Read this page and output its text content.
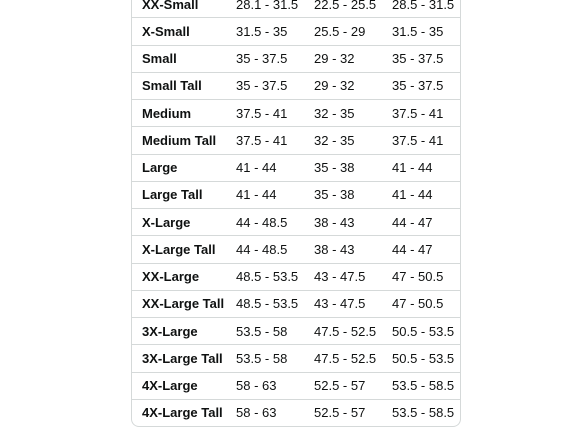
XX-Small	28.1 - 31.5	22.5 - 25.5	28.5 - 31.5
X-Small	31.5 - 35	25.5 - 29	31.5 - 35
Small	35 - 37.5	29 - 32	35 - 37.5
Small Tall	35 - 37.5	29 - 32	35 - 37.5
Medium	37.5 - 41	32 - 35	37.5 - 41
Medium Tall	37.5 - 41	32 - 35	37.5 - 41
Large	41 - 44	35 - 38	41 - 44
Large Tall	41 - 44	35 - 38	41 - 44
X-Large	44 - 48.5	38 - 43	44 - 47
X-Large Tall	44 - 48.5	38 - 43	44 - 47
XX-Large	48.5 - 53.5	43 - 47.5	47 - 50.5
XX-Large Tall	48.5 - 53.5	43 - 47.5	47 - 50.5
3X-Large	53.5 - 58	47.5 - 52.5	50.5 - 53.5
3X-Large Tall	53.5 - 58	47.5 - 52.5	50.5 - 53.5
4X-Large	58 - 63	52.5 - 57	53.5 - 58.5
4X-Large Tall	58 - 63	52.5 - 57	53.5 - 58.5
